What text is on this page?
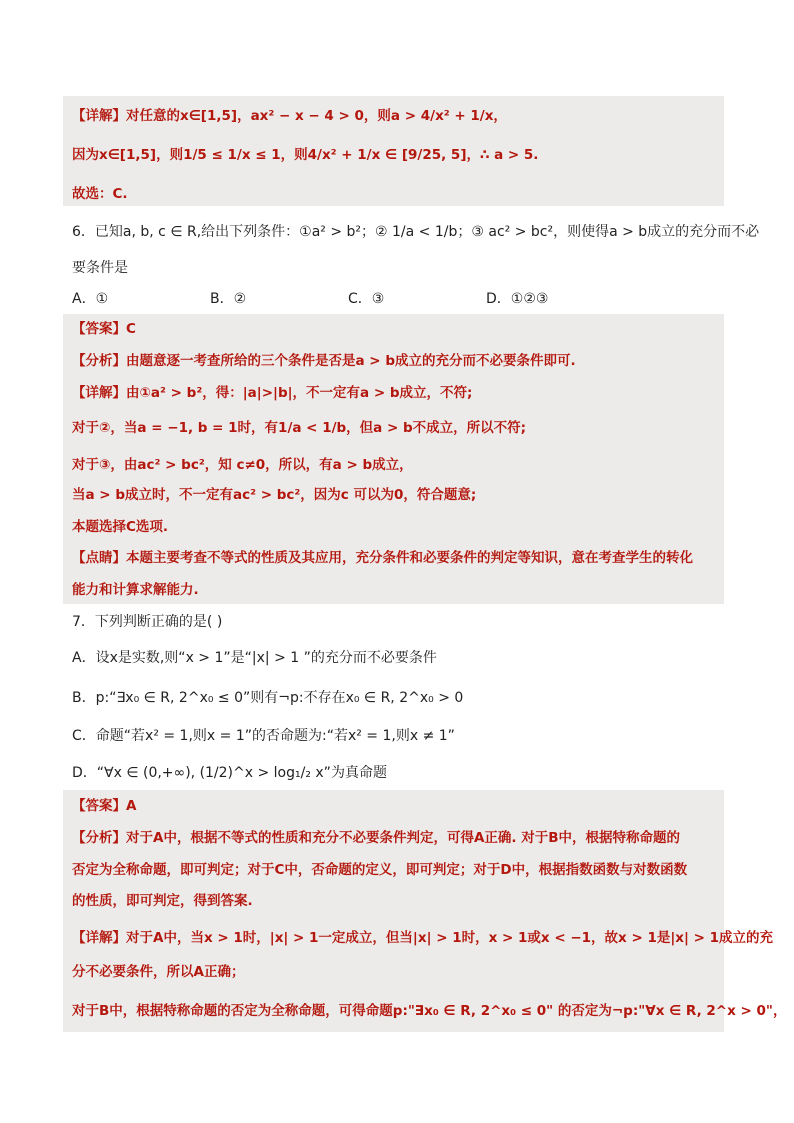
【详解】对任意的x∈[1,5]，ax² − x − 4 > 0，则a > 4/x² + 1/x，
因为x∈[1,5]，则1/5 ≤ 1/x ≤ 1，则4/x² + 1/x ∈ [9/25, 5]，∴ a > 5.
故选：C.
6．已知a, b, c ∈ R,给出下列条件：①a² > b²；② 1/a < 1/b；③ ac² > bc²，则使得a > b成立的充分而不必
要条件是
A．①	B．②	C．③	D．①②③
【答案】C
【分析】由题意逐一考查所给的三个条件是否是a > b成立的充分而不必要条件即可.
【详解】由①a² > b²，得：|a|>|b|，不一定有a > b成立，不符;
对于②，当a = −1, b = 1时，有1/a < 1/b，但a > b不成立，所以不符;
对于③，由ac² > bc²，知 c≠0，所以，有a > b成立，
当a > b成立时，不一定有ac² > bc²，因为c 可以为0，符合题意;
本题选择C选项.
【点睛】本题主要考查不等式的性质及其应用，充分条件和必要条件的判定等知识，意在考查学生的转化
能力和计算求解能力.
7．下列判断正确的是( )
A．设x是实数,则“x > 1”是“|x| > 1 ”的充分而不必要条件
B．p:“∃x₀ ∈ R, 2^x₀ ≤ 0”则有¬p:不存在x₀ ∈ R, 2^x₀ > 0
C．命题“若x² = 1,则x = 1”的否命题为:“若x² = 1,则x ≠ 1”
D．“∀x ∈ (0,+∞), (1/2)^x > log₁/₂ x”为真命题
【答案】A
【分析】对于A中，根据不等式的性质和充分不必要条件判定，可得A正确. 对于B中，根据特称命题的
否定为全称命题，即可判定；对于C中，否命题的定义，即可判定；对于D中，根据指数函数与对数函数
的性质，即可判定，得到答案.
【详解】对于A中，当x > 1时，|x| > 1一定成立，但当|x| > 1时，x > 1或x < −1，故x > 1是|x| > 1成立的充
分不必要条件，所以A正确；
对于B中，根据特称命题的否定为全称命题，可得命题p:"∃x₀ ∈ R, 2^x₀ ≤ 0" 的否定为¬p:"∀x ∈ R, 2^x > 0"，
